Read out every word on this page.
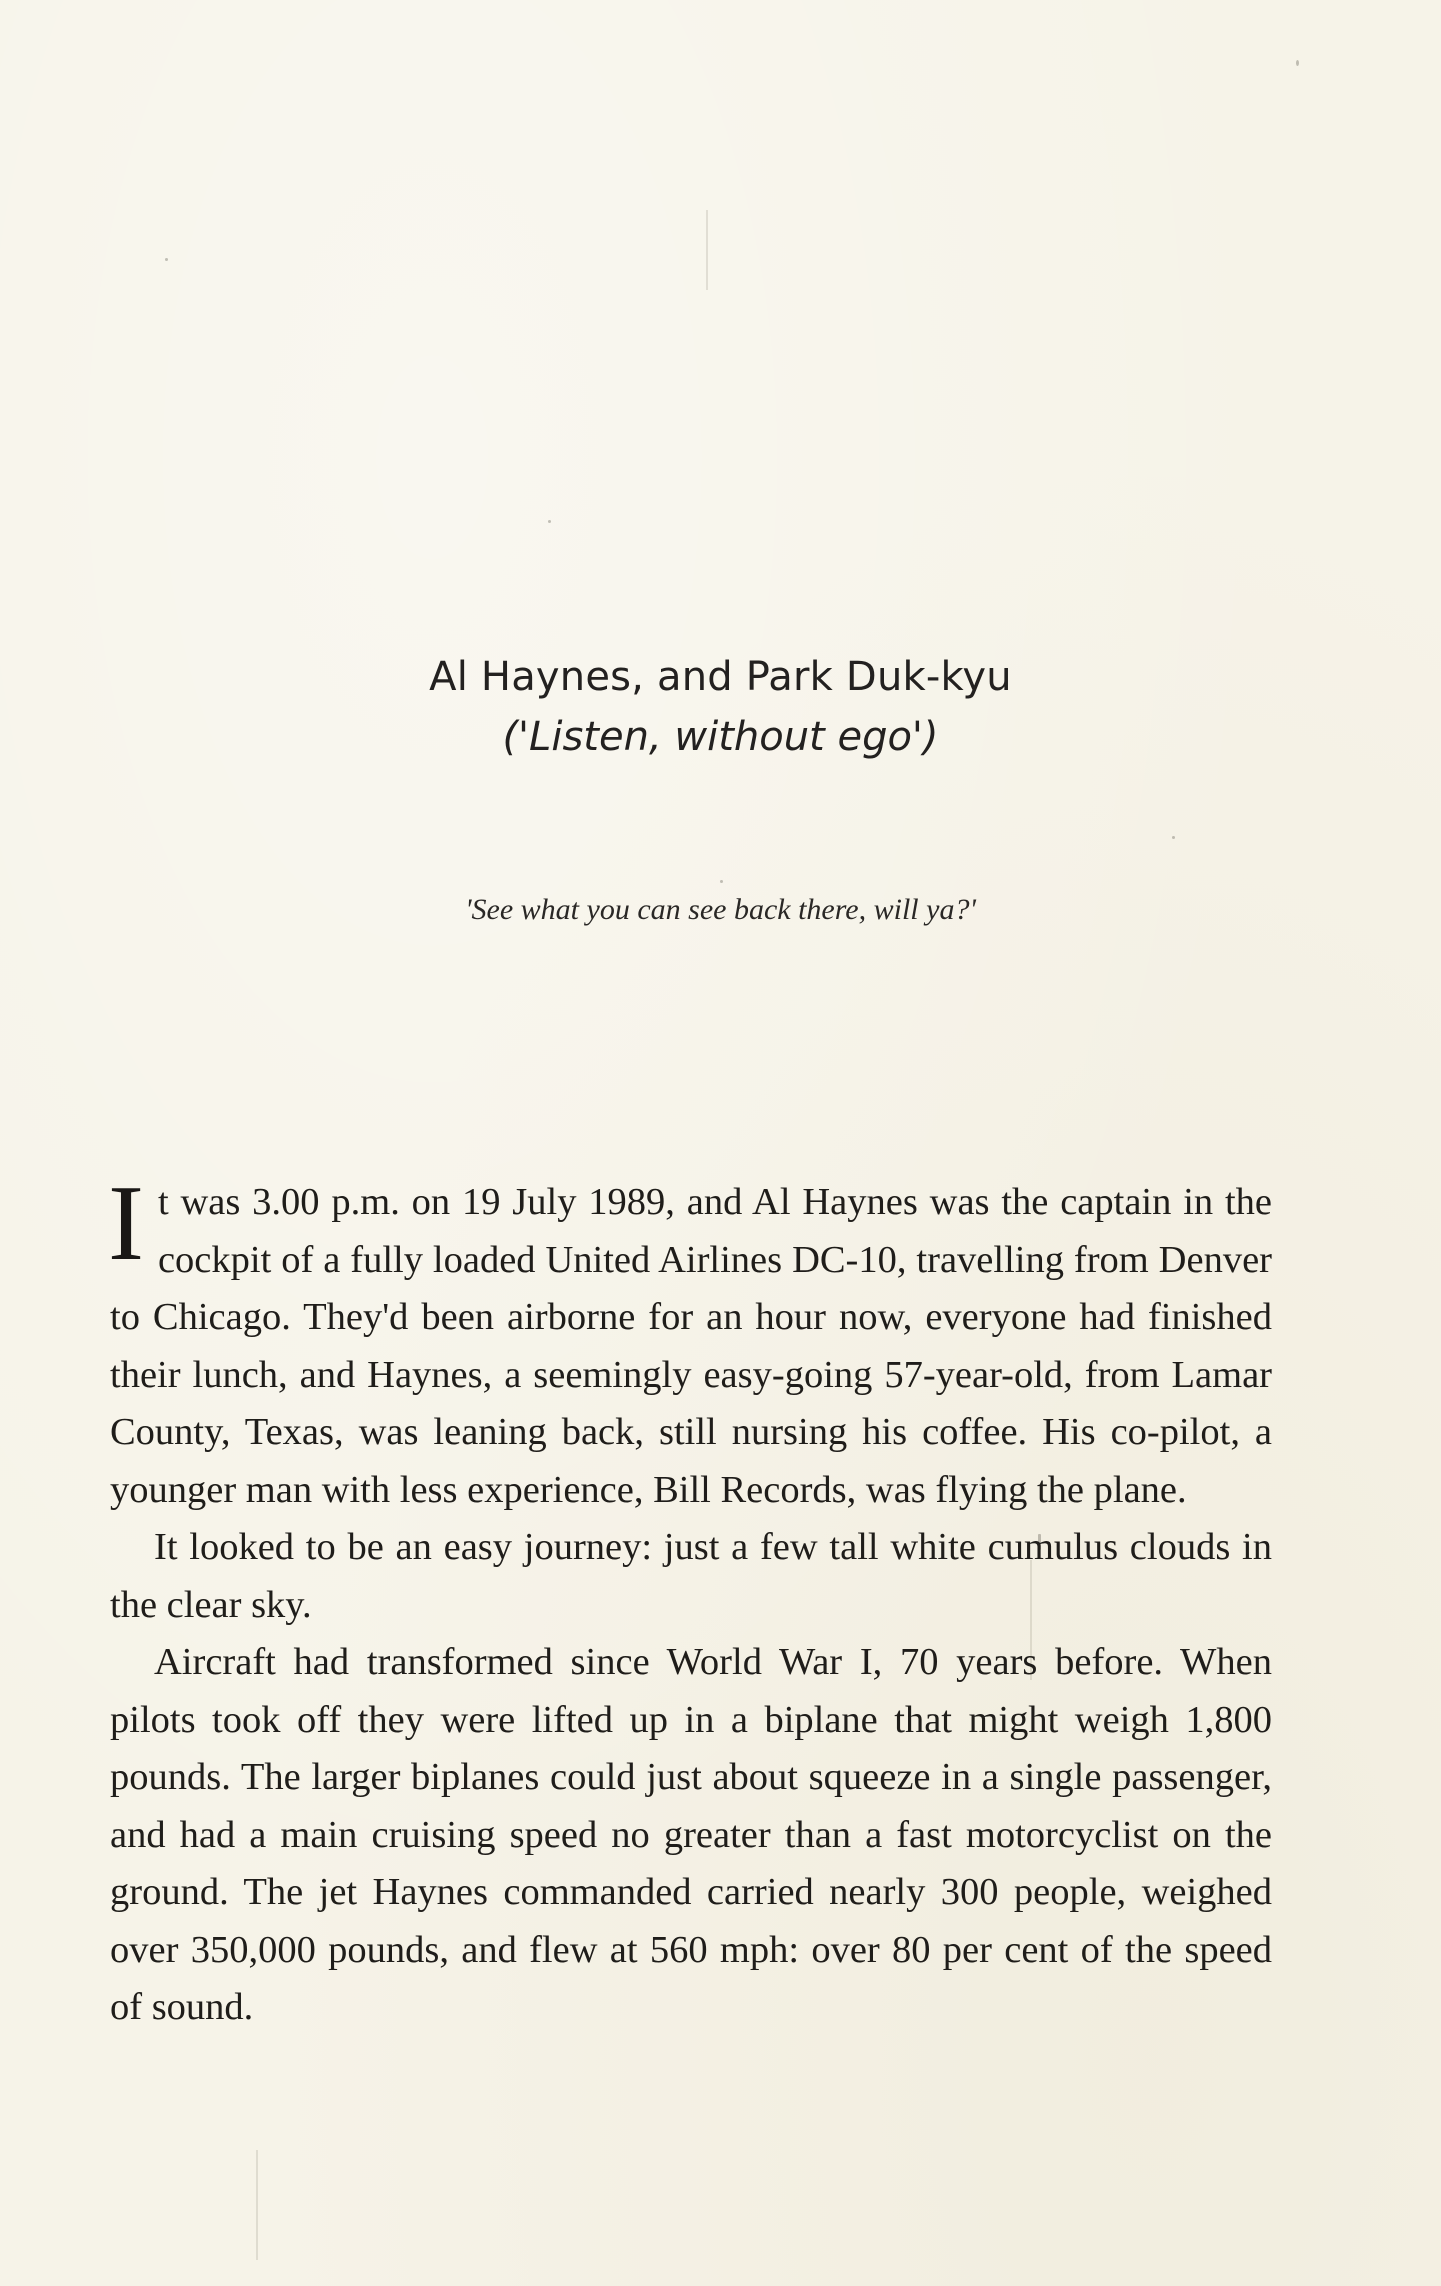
Al Haynes, and Park Duk-kyu

('Listen, without ego')

'See what you can see back there, will ya?'

It was 3.00 p.m. on 19 July 1989, and Al Haynes was the captain in the cockpit of a fully loaded United Airlines DC-10, travelling from Denver to Chicago. They'd been airborne for an hour now, everyone had finished their lunch, and Haynes, a seemingly easy-going 57-year-old, from Lamar County, Texas, was leaning back, still nursing his coffee. His co-pilot, a younger man with less experience, Bill Records, was flying the plane.

It looked to be an easy journey: just a few tall white cumulus clouds in the clear sky.

Aircraft had transformed since World War I, 70 years before. When pilots took off they were lifted up in a biplane that might weigh 1,800 pounds. The larger biplanes could just about squeeze in a single passenger, and had a main cruising speed no greater than a fast motorcyclist on the ground. The jet Haynes commanded carried nearly 300 people, weighed over 350,000 pounds, and flew at 560 mph: over 80 per cent of the speed of sound.
